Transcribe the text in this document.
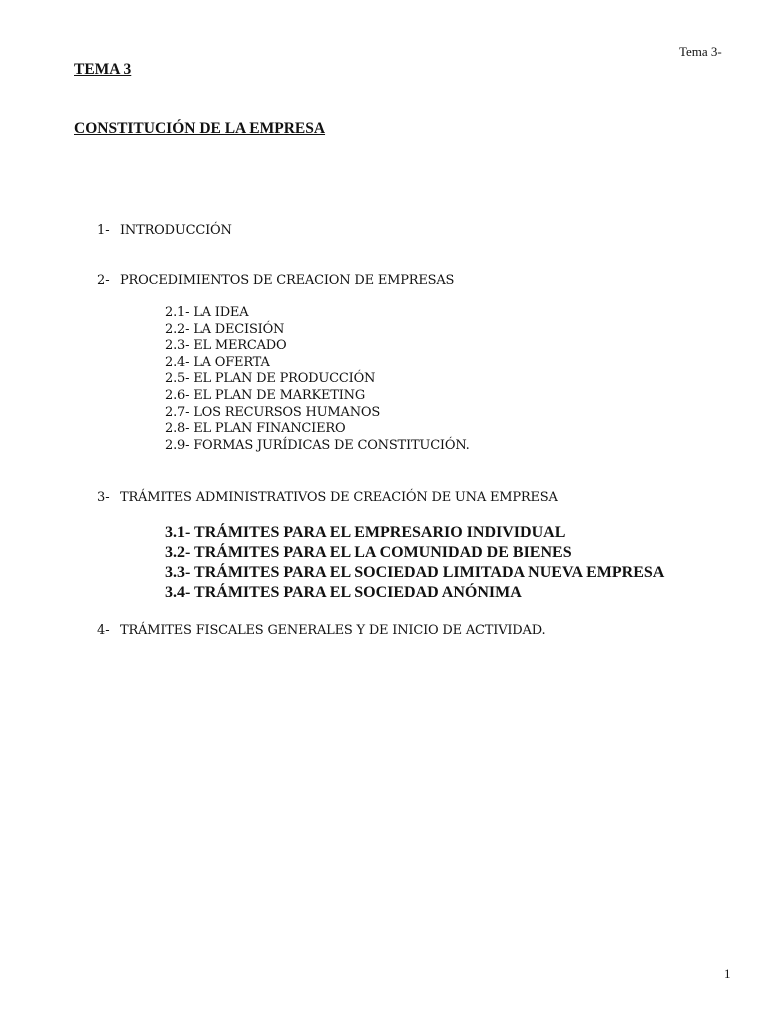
Tema 3-
TEMA 3
CONSTITUCIÓN DE LA EMPRESA
1- INTRODUCCIÓN
2- PROCEDIMIENTOS DE CREACION DE EMPRESAS
2.1- LA IDEA
2.2- LA DECISIÓN
2.3- EL MERCADO
2.4- LA OFERTA
2.5- EL PLAN DE PRODUCCIÓN
2.6- EL PLAN DE MARKETING
2.7- LOS RECURSOS HUMANOS
2.8- EL PLAN FINANCIERO
2.9- FORMAS JURÍDICAS DE CONSTITUCIÓN.
3- TRÁMITES ADMINISTRATIVOS DE CREACIÓN DE UNA EMPRESA
3.1- TRÁMITES PARA EL EMPRESARIO INDIVIDUAL
3.2- TRÁMITES PARA EL LA COMUNIDAD DE BIENES
3.3- TRÁMITES PARA EL SOCIEDAD LIMITADA NUEVA EMPRESA
3.4- TRÁMITES PARA EL SOCIEDAD ANÓNIMA
4- TRÁMITES FISCALES GENERALES Y DE INICIO DE ACTIVIDAD.
1
